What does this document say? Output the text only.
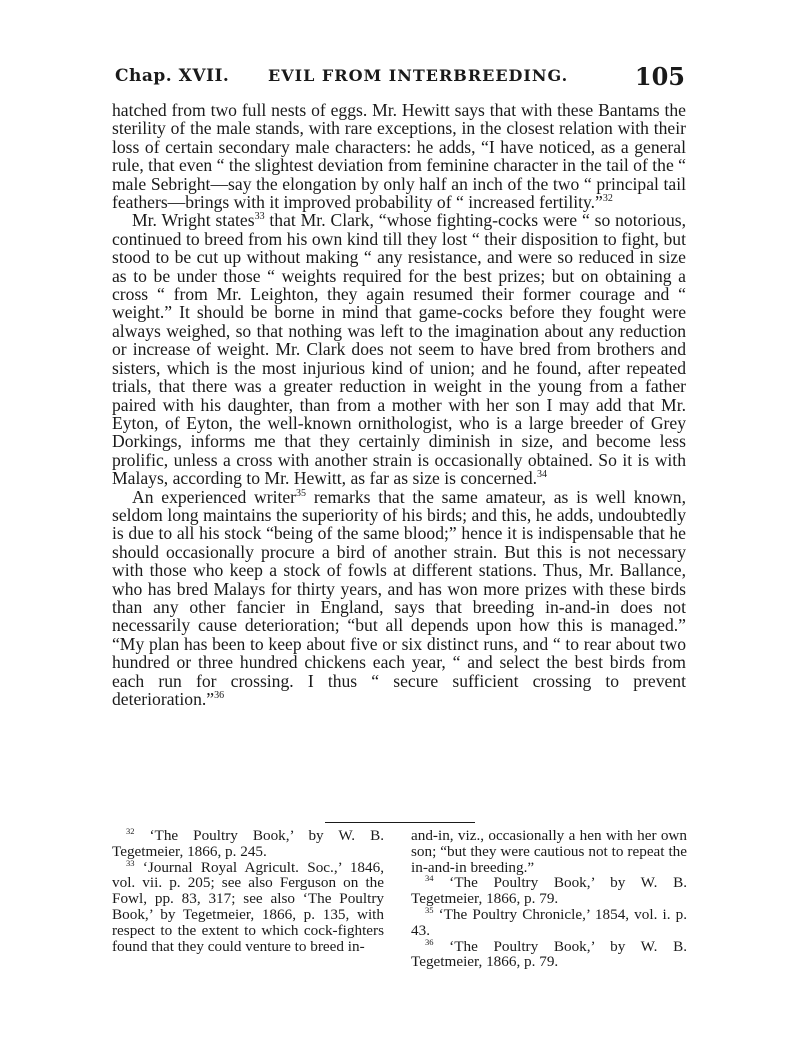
Chap. XVII. EVIL FROM INTERBREEDING.	105

hatched from two full nests of eggs. Mr. Hewitt says that with these Bantams the sterility of the male stands, with rare exceptions, in the closest relation with their loss of certain secondary male characters: he adds, “I have noticed, as a general rule, that even “ the slightest deviation from feminine character in the tail of the “ male Sebright—say the elongation by only half an inch of the two “ principal tail feathers—brings with it improved probability of “ increased fertility.”$^{32}$

Mr. Wright states$^{33}$ that Mr. Clark, “whose fighting-cocks were “ so notorious, continued to breed from his own kind till they lost “ their disposition to fight, but stood to be cut up without making “ any resistance, and were so reduced in size as to be under those “ weights required for the best prizes; but on obtaining a cross “ from Mr. Leighton, they again resumed their former courage and “ weight.” It should be borne in mind that game-cocks before they fought were always weighed, so that nothing was left to the imagination about any reduction or increase of weight. Mr. Clark does not seem to have bred from brothers and sisters, which is the most injurious kind of union; and he found, after repeated trials, that there was a greater reduction in weight in the young from a father paired with his daughter, than from a mother with her son I may add that Mr. Eyton, of Eyton, the well-known ornithologist, who is a large breeder of Grey Dorkings, informs me that they certainly diminish in size, and become less prolific, unless a cross with another strain is occasionally obtained. So it is with Malays, according to Mr. Hewitt, as far as size is concerned.$^{34}$

An experienced writer$^{35}$ remarks that the same amateur, as is well known, seldom long maintains the superiority of his birds; and this, he adds, undoubtedly is due to all his stock “being of the same blood;” hence it is indispensable that he should occasionally procure a bird of another strain. But this is not necessary with those who keep a stock of fowls at different stations. Thus, Mr. Ballance, who has bred Malays for thirty years, and has won more prizes with these birds than any other fancier in England, says that breeding in-and-in does not necessarily cause deterioration; “but all depends upon how this is managed.” “My plan has been to keep about five or six distinct runs, and “ to rear about two hundred or three hundred chickens each year, “ and select the best birds from each run for crossing. I thus “ secure sufficient crossing to prevent deterioration.”$^{36}$

$^{32}$ ‘The Poultry Book,’ by W. B. Tegetmeier, 1866, p. 245.

$^{33}$ ‘Journal Royal Agricult. Soc.,’ 1846, vol. vii. p. 205; see also Ferguson on the Fowl, pp. 83, 317; see also ‘The Poultry Book,’ by Tegetmeier, 1866, p. 135, with respect to the extent to which cock-fighters found that they could venture to breed in-

and-in, viz., occasionally a hen with her own son; “but they were cautious not to repeat the in-and-in breeding.”

$^{34}$ ‘The Poultry Book,’ by W. B. Tegetmeier, 1866, p. 79.

$^{35}$ ‘The Poultry Chronicle,’ 1854, vol. i. p. 43.

$^{36}$ ‘The Poultry Book,’ by W. B. Tegetmeier, 1866, p. 79.
